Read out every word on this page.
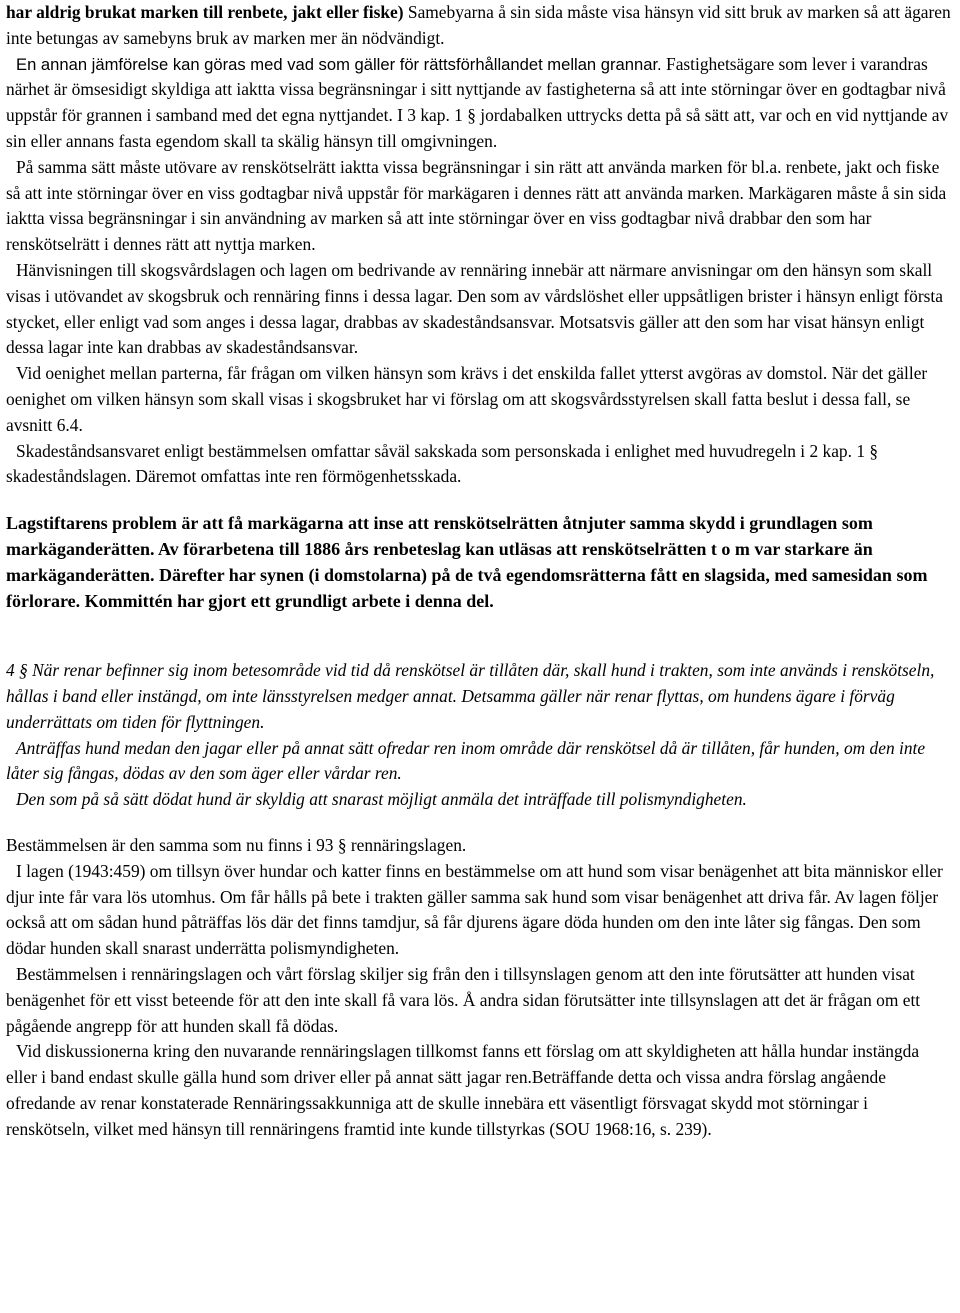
har aldrig brukat marken till renbete, jakt eller fiske) Samebyarna å sin sida måste visa hänsyn vid sitt bruk av marken så att ägaren inte betungas av samebyns bruk av marken mer än nödvändigt.

En annan jämförelse kan göras med vad som gäller för rättsförhållandet mellan grannar. Fastighetsägare som lever i varandras närhet är ömsesidigt skyldiga att iaktta vissa begränsningar i sitt nyttjande av fastigheterna så att inte störningar över en godtagbar nivå uppstår för grannen i samband med det egna nyttjandet. I 3 kap. 1 § jordabalken uttrycks detta på så sätt att, var och en vid nyttjande av sin eller annans fasta egendom skall ta skälig hänsyn till omgivningen.

På samma sätt måste utövare av renskötselrätt iaktta vissa begränsningar i sin rätt att använda marken för bl.a. renbete, jakt och fiske så att inte störningar över en viss godtagbar nivå uppstår för markägaren i dennes rätt att använda marken. Markägaren måste å sin sida iaktta vissa begränsningar i sin användning av marken så att inte störningar över en viss godtagbar nivå drabbar den som har renskötselrätt i dennes rätt att nyttja marken.

Hänvisningen till skogsvårdslagen och lagen om bedrivande av rennäring innebär att närmare anvisningar om den hänsyn som skall visas i utövandet av skogsbruk och rennäring finns i dessa lagar. Den som av vårdslöshet eller uppsåtligen brister i hänsyn enligt första stycket, eller enligt vad som anges i dessa lagar, drabbas av skadeståndsansvar. Motsatsvis gäller att den som har visat hänsyn enligt dessa lagar inte kan drabbas av skadeståndsansvar.

Vid oenighet mellan parterna, får frågan om vilken hänsyn som krävs i det enskilda fallet ytterst avgöras av domstol. När det gäller oenighet om vilken hänsyn som skall visas i skogsbruket har vi förslag om att skogsvårdsstyrelsen skall fatta beslut i dessa fall, se avsnitt 6.4.

Skadeståndsansvaret enligt bestämmelsen omfattar såväl sakskada som personskada i enlighet med huvudregeln i 2 kap. 1 § skadeståndslagen. Däremot omfattas inte ren förmögenhetsskada.

Lagstiftarens problem är att få markägarna att inse att renskötselrätten åtnjuter samma skydd i grundlagen som markäganderätten. Av förarbetena till 1886 års renbeteslag kan utläsas att renskötselrätten t o m var starkare än markäganderätten. Därefter har synen (i domstolarna) på de två egendomsrätterna fått en slagsida, med samesidan som förlorare. Kommittén har gjort ett grundligt arbete i denna del.

4 § När renar befinner sig inom betesområde vid tid då renskötsel är tillåten där, skall hund i trakten, som inte används i renskötseln, hållas i band eller instängd, om inte länsstyrelsen medger annat. Detsamma gäller när renar flyttas, om hundens ägare i förväg underrättats om tiden för flyttningen.

Anträffas hund medan den jagar eller på annat sätt ofredar ren inom område där renskötsel då är tillåten, får hunden, om den inte låter sig fångas, dödas av den som äger eller vårdar ren.

Den som på så sätt dödat hund är skyldig att snarast möjligt anmäla det inträffade till polismyndigheten.

Bestämmelsen är den samma som nu finns i 93 § rennäringslagen.

I lagen (1943:459) om tillsyn över hundar och katter finns en bestämmelse om att hund som visar benägenhet att bita människor eller djur inte får vara lös utomhus. Om får hålls på bete i trakten gäller samma sak hund som visar benägenhet att driva får. Av lagen följer också att om sådan hund påträffas lös där det finns tamdjur, så får djurens ägare döda hunden om den inte låter sig fångas. Den som dödar hunden skall snarast underrätta polismyndigheten.

Bestämmelsen i rennäringslagen och vårt förslag skiljer sig från den i tillsynslagen genom att den inte förutsätter att hunden visat benägenhet för ett visst beteende för att den inte skall få vara lös. Å andra sidan förutsätter inte tillsynslagen att det är frågan om ett pågående angrepp för att hunden skall få dödas.

Vid diskussionerna kring den nuvarande rennäringslagen tillkomst fanns ett förslag om att skyldigheten att hålla hundar instängda eller i band endast skulle gälla hund som driver eller på annat sätt jagar ren.Beträffande detta och vissa andra förslag angående ofredande av renar konstaterade Rennäringssakkunniga att de skulle innebära ett väsentligt försvagat skydd mot störningar i renskötseln, vilket med hänsyn till rennäringens framtid inte kunde tillstyrkas (SOU 1968:16, s. 239).
